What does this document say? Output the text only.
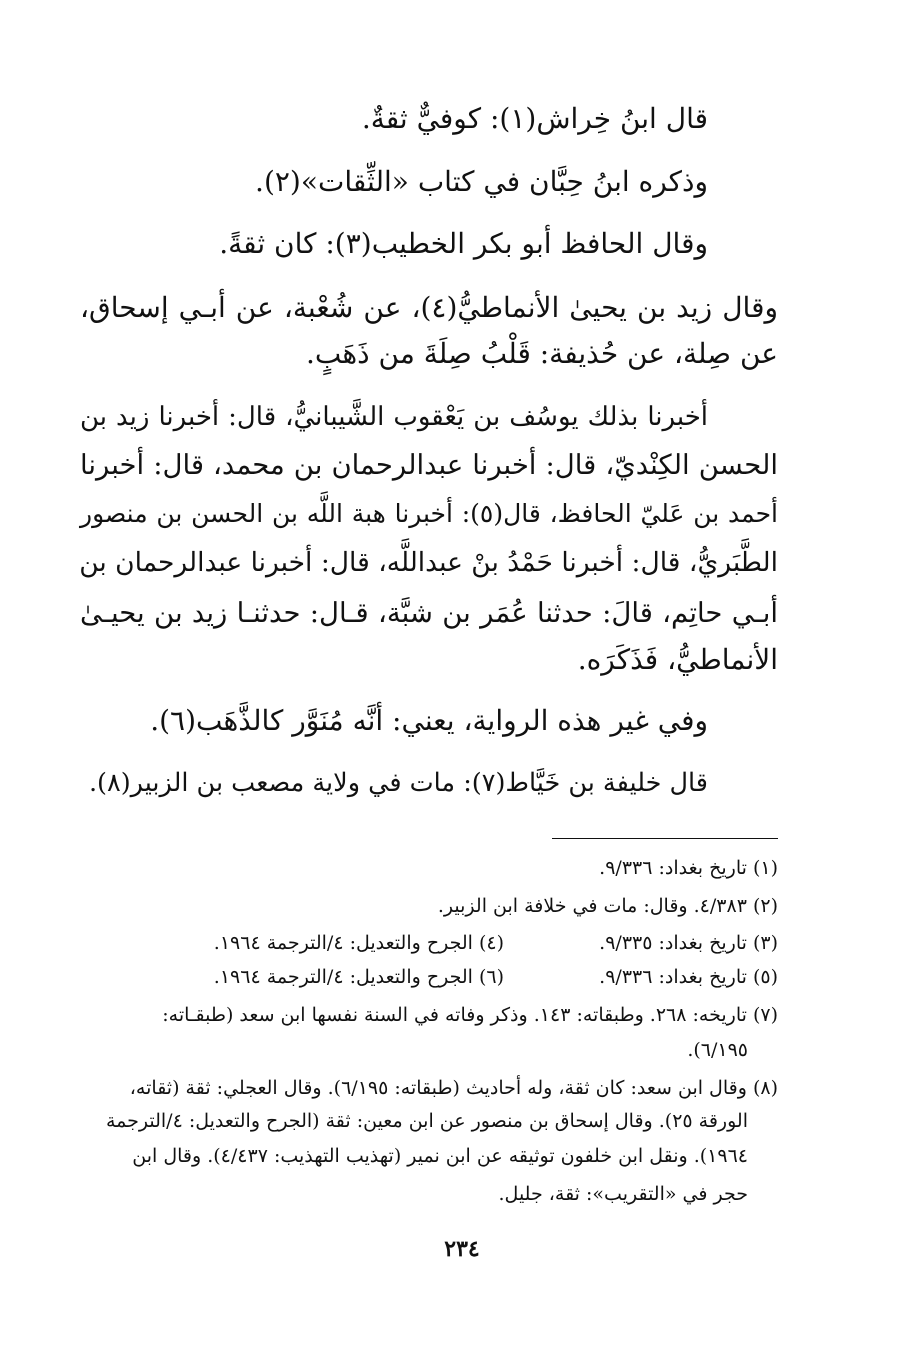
قال ابنُ خِراش(١): كوفيٌّ ثقةٌ.
وذكره ابنُ حِبَّان في كتاب «الثِّقات»(٢).
وقال الحافظ أبو بكر الخطيب(٣): كان ثقةً.
وقال زيد بن يحيىٰ الأنماطيُّ(٤)، عن شُعْبة، عن أبـي إسحاق،
عن صِلة، عن حُذيفة: قَلْبُ صِلَةَ من ذَهَبٍ.
أخبرنا بذلك يوسُف بن يَعْقوب الشَّيبانيُّ، قال: أخبرنا زيد بن
الحسن الكِنْديّ، قال: أخبرنا عبدالرحمان بن محمد، قال: أخبرنا
أحمد بن عَليّ الحافظ، قال(٥): أخبرنا هبة اللَّه بن الحسن بن منصور
الطَّبَريُّ، قال: أخبرنا حَمْدُ بنْ عبداللَّه، قال: أخبرنا عبدالرحمان بن
أبـي حاتِم، قالَ: حدثنا عُمَر بن شبَّة، قـال: حدثنـا زيد بن يحيـىٰ
الأنماطيُّ، فَذَكَرَه.
وفي غير هذه الرواية، يعني: أنَّه مُنَوَّر كالذَّهَب(٦).
قال خليفة بن خَيَّاط(٧): مات في ولاية مصعب بن الزبير(٨).
(١) تاريخ بغداد: ٩/٣٣٦.
(٢) ٤/٣٨٣. وقال: مات في خلافة ابن الزبير.
(٣) تاريخ بغداد: ٩/٣٣٥.
(٤) الجرح والتعديل: ٤/الترجمة ١٩٦٤.
(٥) تاريخ بغداد: ٩/٣٣٦.
(٦) الجرح والتعديل: ٤/الترجمة ١٩٦٤.
(٧) تاريخه: ٢٦٨. وطبقاته: ١٤٣. وذكر وفاته في السنة نفسها ابن سعد (طبقـاته:
٦/١٩٥).
(٨) وقال ابن سعد: كان ثقة، وله أحاديث (طبقاته: ٦/١٩٥). وقال العجلي: ثقة (ثقاته،
الورقة ٢٥). وقال إسحاق بن منصور عن ابن معين: ثقة (الجرح والتعديل: ٤/الترجمة
١٩٦٤). ونقل ابن خلفون توثيقه عن ابن نمير (تهذيب التهذيب: ٤/٤٣٧). وقال ابن
حجر في «التقريب»: ثقة، جليل.
٢٣٤
